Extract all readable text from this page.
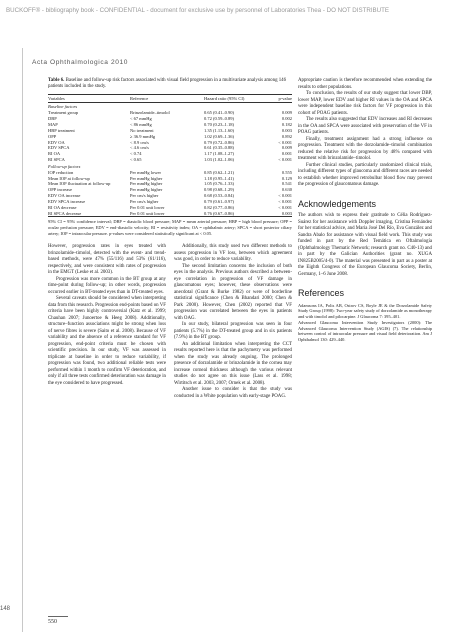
BUCKOFF® - bibliography book - CONFIDENTIAL - document for exclusive use by personnel of Laboratories Thea - DO NOT DISTRIBUTE
Acta Ophthalmologica 2010
Table 6. Baseline and follow-up risk factors associated with visual field progression in a multivariate analysis among 146 patients included in the study.
Variables	Reference	Hazard ratio (95% CI)	p-value
Baseline factors			
Treatment group	Brinzolamide–timolol	0.65 (0.41–0.90)	0.009
DBP	< 67 mmHg	0.72 (0.59–0.89)	0.002
MAP	< 86 mmHg	0.70 (0.23–1.18)	0.182
HBP treatment	No treatment	1.35 (1.13–1.60)	0.003
OPP	≥ 36.9 mmHg	1.02 (0.69–1.36)	0.892
EDV OA	< 8.9 cm/s	0.79 (0.72–0.86)	< 0.001
EDV SPCA	< 4.6 cm/s	0.61 (0.35–0.88)	0.009
RI OA	< 0.74	1.17 (1.08–1.27)	0.001
RI SPCA	< 0.65	1.03 (1.02–1.06)	< 0.001
Follow-up factors			
IOP reduction	Per mmHg lower	0.85 (0.62–1.21)	0.555
Mean IOP at follow-up	Per mmHg higher	1.18 (0.95–1.41)	0.129
Mean IOP fluctuation at follow-up	Per mmHg higher	1.05 (0.76–1.33)	0.541
OPP increase	Per mmHg higher	0.98 (0.68–1.29)	0.630
EDV OA increase	Per cm/s higher	0.68 (0.53–0.84)	< 0.001
EDV SPCA increase	Per cm/s higher	0.79 (0.61–0.97)	< 0.001
RI OA decrease	Per 0.01 unit lower	0.82 (0.77–0.86)	< 0.001
RI SPCA decrease	Per 0.01 unit lower	0.76 (0.67–0.86)	0.003
95% CI = 95% confidence interval; DBP = diastolic blood pressure; MAP = mean arterial pressure; HBP = high blood pressure; OPP = ocular perfusion pressure; EDV = end-diastolic velocity; RI = resistivity index; OA = ophthalmic artery; SPCA = short posterior ciliary artery; IOP = intraocular pressure. p-values were considered statistically significant at < 0.05.

However, progression rates in eyes treated with brinzolamide–timolol, detected with the event- and trend-based methods, were 47% (55/116) and 53% (61/116), respectively, and were consistent with rates of progression in the EMGT (Leske et al. 2003).

Progression was more common in the BT group at any time-point during follow-up; in other words, progression occurred earlier in BT-treated eyes than in DT-treated eyes.

Several caveats should be considered when interpreting data from this research. Progression end-points based on VF criteria have been highly controversial (Katz et al. 1999; Chauhan 2007; Junoertoe & Heeg 2008). Additionally, structure–function associations might be strong when loss of nerve fibres is severe (Saito et al. 2008). Because of VF variability and the absence of a reference standard for VF progression, end-point criteria must be chosen with scientific precision. In our study, VF was assessed in triplicate at baseline in order to reduce variability, if progression was found, two additional reliable tests were performed within 1 month to confirm VF deterioration, and only if all three tests confirmed deterioration was damage in the eye considered to have progressed.

Additionally, this study used two different methods to assess progression in VF loss, between which agreement was good, in order to reduce variability.

The second limitation concerns the inclusion of both eyes in the analysis. Previous authors described a between-eye correlation in progression of VF damage in glaucomatous eyes; however, these observations were anecdotal (Grant & Burke 1982) or were of borderline statistical significance (Chen & Bhandari 2000; Chen & Park 2000). However, Chen (2002) reported that VF progression was correlated between the eyes in patients with OAG.

In our study, bilateral progression was seen in four patients (5.7%) in the DT-treated group and in six patients (7.9%) in the BT group.

An additional limitation when interpreting the CCT results reported here is that the pachymetry was performed when the study was already ongoing. The prolonged presence of dorzolamide or brinzolamide in the cornea may increase corneal thickness although the various relevant studies do not agree on this issue (Lass et al. 1998; Wirtitsch et al. 2003, 2007; Ornek et al. 2008).

Another issue to consider is that the study was conducted in a White population with early-stage POAG.

Appropriate caution is therefore recommended when extending the results to other populations.

To conclusion, the results of our study suggest that lower DBP, lower MAP, lower EDV and higher RI values in the OA and SPCA were independent baseline risk factors for VF progression in this cohort of POAG patients.

The results also suggested that EDV increases and RI decreases in the OA and SPCA were associated with preservation of the VF in POAG patients.

Finally, treatment assignment had a strong influence on progression. Treatment with the dorzolamide–timolol combination reduced the relative risk for progression by 48% compared with treatment with brinzolamide–timolol.

Further clinical studies, particularly randomized clinical trials, including different types of glaucoma and different races are needed to establish whether improved retrobulbar blood flow may prevent the progression of glaucomatous damage.

Acknowledgements

The authors wish to express their gratitude to Célia Rodríguez-Suárez for her assistance with Doppler imaging, Cristina Fernández for her statistical advice, and Maria José Del Río, Eva González and Sandra Abalo for assistance with visual field work. This study was funded in part by the Red Temática en Oftalmología (Ophthalmology Thematic Network; research grant no. C40-13) and in part by the Galician Authorities (grant no. XUGA IN825B2005/4-0). The material was presented in part as a poster at the Eighth Congress of the European Glaucoma Society, Berlin, Germany, 1–6 June 2008.

References

Adamsons IA, Polis AB, Ostrov CS, Boyle JE & the Dorzolamide Safety Study Group (1998): Two-year safety study of dorzolamide as monotherapy and with timolol and pilocarpine. J Glaucoma 7: 395–401.

Advanced Glaucoma Intervention Study Investigators (2000): The Advanced Glaucoma Intervention Study (AGIS) (7). The relationship between control of intraocular pressure and visual field deterioration. Am J Ophthalmol 130: 429–440.

550
148
